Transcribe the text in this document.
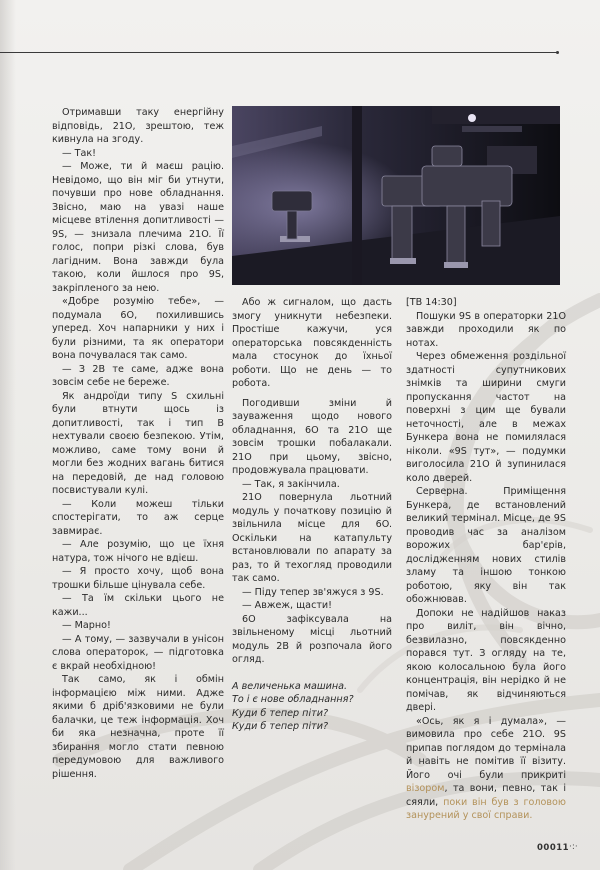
Отримавши таку енергійну відповідь, 21O, зрештою, теж кивнула на згоду.

— Так!

— Може, ти й маєш рацію. Невідомо, що він міг би утнути, почувши про нове обладнання. Звісно, маю на увазі наше місцеве втілення допитливості — 9S, — знизала плечима 21O. Її голос, попри різкі слова, був лагідним. Вона завжди була такою, коли йшлося про 9S, закріпленого за нею.

«Добре розумію тебе», — подумала 6O, похилившись уперед. Хоч напарники у них і були різними, та як оператори вона почувалася так само.

— З 2B те саме, адже вона зовсім себе не береже.

Як андроїди типу S схильні були втнути щось із допитливості, так і тип B нехтували своєю безпекою. Утім, можливо, саме тому вони й могли без жодних вагань битися на передовій, де над головою посвистували кулі.

— Коли можеш тільки спостерігати, то аж серце завмирає.

— Але розумію, що це їхня натура, тож нічого не вдієш.

— Я просто хочу, щоб вона трошки більше цінувала себе.

— Та їм скільки цього не кажи...

— Марно!

— А тому, — зазвучали в унісон слова операторок, — підготовка є вкрай необхідною!

Так само, як і обмін інформацією між ними. Адже якими б дріб'язковими не були балачки, це теж інформація. Хоч би яка незначна, проте її збирання могло стати певною передумовою для важливого рішення.

Або ж сигналом, що дасть змогу уникнути небезпеки. Простіше кажучи, уся операторська повсякденність мала стосунок до їхньої роботи. Що не день — то робота.

Погодивши зміни й зауваження щодо нового обладнання, 6O та 21O ще зовсім трошки побалакали. 21O при цьому, звісно, продовжувала працювати.

— Так, я закінчила.

21O повернула льотний модуль у початкову позицію й звільнила місце для 6O. Оскільки на катапульту встановлювали по апарату за раз, то й техогляд проводили так само.

— Піду тепер зв'яжуся з 9S.

— Авжеж, щасти!

6O зафіксувала на звільненому місці льотний модуль 2B й розпочала його огляд.

А величенька машина.

То і є нове обладнання?

Куди б тепер піти?

Куди б тепер піти?

[ТВ 14:30]

Пошуки 9S в операторки 21O завжди проходили як по нотах.

Через обмеження роздільної здатності супутникових знімків та ширини смуги пропускання частот на поверхні з цим ще бували неточності, але в межах Бункера вона не помилялася ніколи. «9S тут», — подумки виголосила 21O й зупинилася коло дверей.

Серверна. Приміщення Бункера, де встановлений великий термінал. Місце, де 9S проводив час за аналізом ворожих бар'єрів, дослідженням нових стилів зламу та іншою тонкою роботою, яку він так обожнював.

Допоки не надійшов наказ про виліт, він вічно, безвилазно, повсякденно порався тут. З огляду на те, якою колосальною була його концентрація, він нерідко й не помічав, як відчиняються двері.

«Ось, як я і думала», — вимовила про себе 21O. 9S припав поглядом до термінала й навіть не помітив її візиту. Його очі були прикриті візором, та вони, певно, так і сяяли, поки він був з головою занурений у свої справи.

00011 ·:·
